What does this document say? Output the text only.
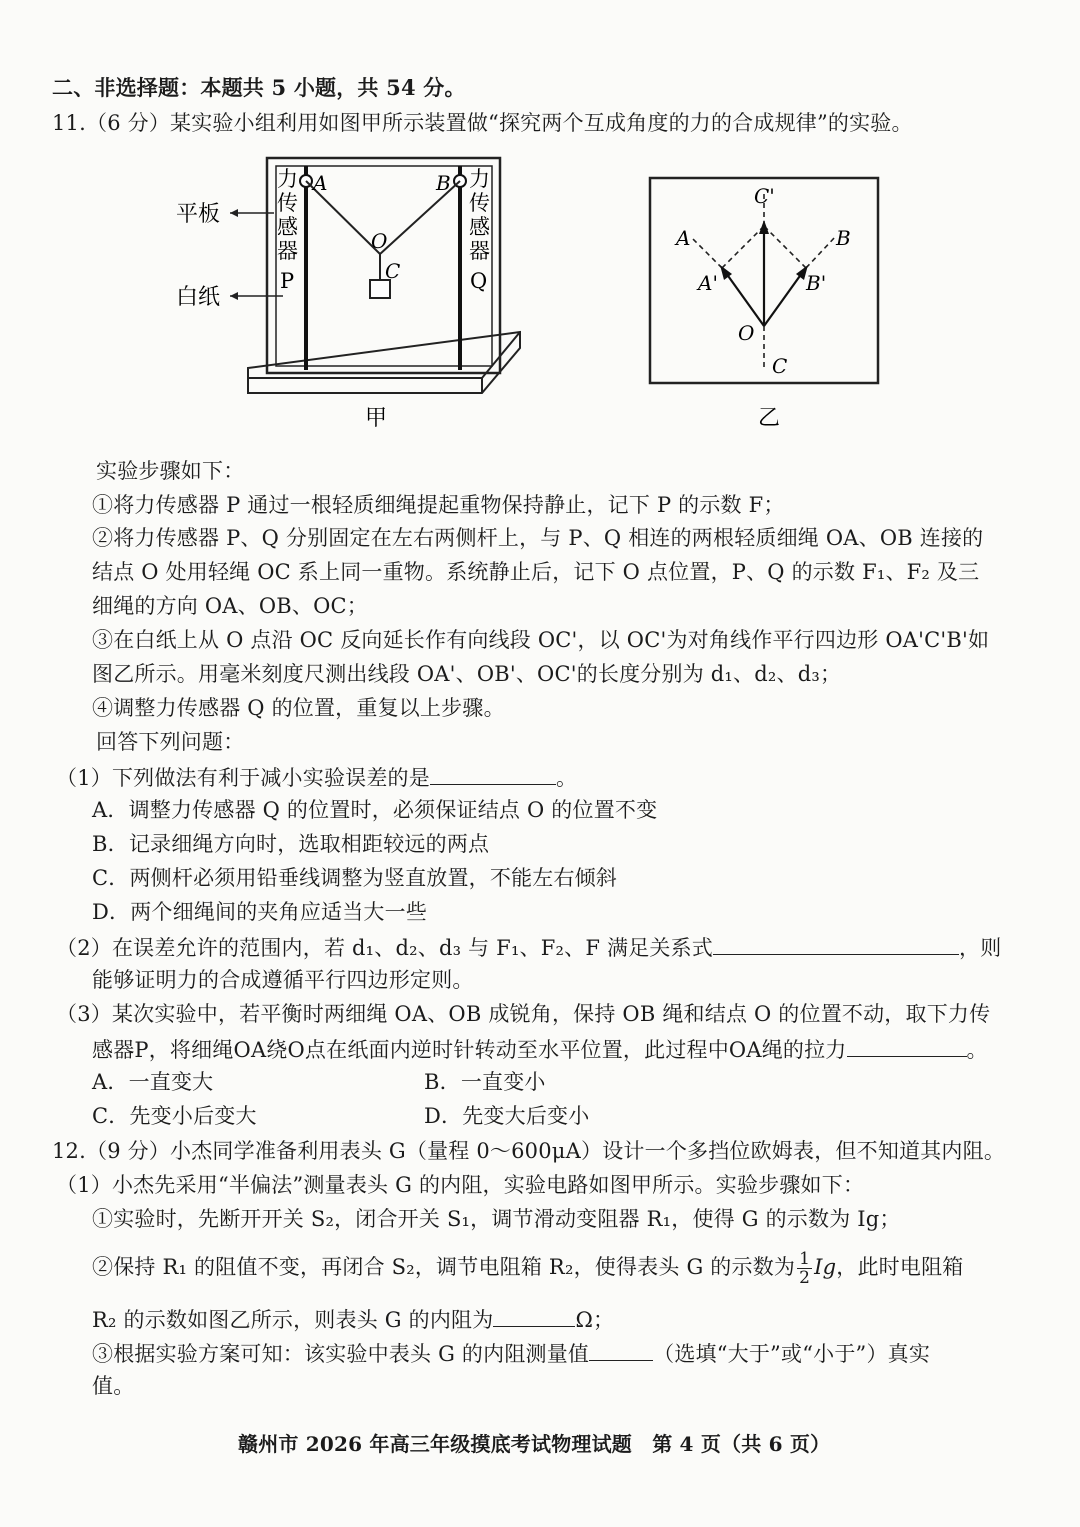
二、非选择题：本题共 5 小题，共 54 分。
11.（6 分）某实验小组利用如图甲所示装置做“探究两个互成角度的力的合成规律”的实验。
平板
白纸
力
传
感
器
P
力
传
感
器
Q
A	B
O
C
甲
C'
A	B
A'	B'
O
C
乙
实验步骤如下：
①将力传感器 P 通过一根轻质细绳提起重物保持静止，记下 P 的示数 F；
②将力传感器 P、Q 分别固定在左右两侧杆上，与 P、Q 相连的两根轻质细绳 OA、OB 连接的
结点 O 处用轻绳 OC 系上同一重物。系统静止后，记下 O 点位置，P、Q 的示数 F₁、F₂ 及三
细绳的方向 OA、OB、OC；
③在白纸上从 O 点沿 OC 反向延长作有向线段 OC'，以 OC'为对角线作平行四边形 OA'C'B'如
图乙所示。用毫米刻度尺测出线段 OA'、OB'、OC'的长度分别为 d₁、d₂、d₃；
④调整力传感器 Q 的位置，重复以上步骤。
回答下列问题：
（1）下列做法有利于减小实验误差的是	。
A．调整力传感器 Q 的位置时，必须保证结点 O 的位置不变
B．记录细绳方向时，选取相距较远的两点
C．两侧杆必须用铅垂线调整为竖直放置，不能左右倾斜
D．两个细绳间的夹角应适当大一些
（2）在误差允许的范围内，若 d₁、d₂、d₃ 与 F₁、F₂、F 满足关系式	，则
能够证明力的合成遵循平行四边形定则。
（3）某次实验中，若平衡时两细绳 OA、OB 成锐角，保持 OB 绳和结点 O 的位置不动，取下力传
感器P，将细绳OA绕O点在纸面内逆时针转动至水平位置，此过程中OA绳的拉力	。
A．一直变大	B．一直变小
C．先变小后变大	D．先变大后变小
12.（9 分）小杰同学准备利用表头 G（量程 0～600μA）设计一个多挡位欧姆表，但不知道其内阻。
（1）小杰先采用“半偏法”测量表头 G 的内阻，实验电路如图甲所示。实验步骤如下：
①实验时，先断开开关 S₂，闭合开关 S₁，调节滑动变阻器 R₁，使得 G 的示数为 Ig；
②保持 R₁ 的阻值不变，再闭合 S₂，调节电阻箱 R₂，使得表头 G 的示数为 $\frac{1}{2}$ Ig，此时电阻箱
R₂ 的示数如图乙所示，则表头 G 的内阻为	Ω；
③根据实验方案可知：该实验中表头 G 的内阻测量值	（选填“大于”或“小于”）真实
值。
赣州市 2026 年高三年级摸底考试物理试题　第 4 页（共 6 页）
